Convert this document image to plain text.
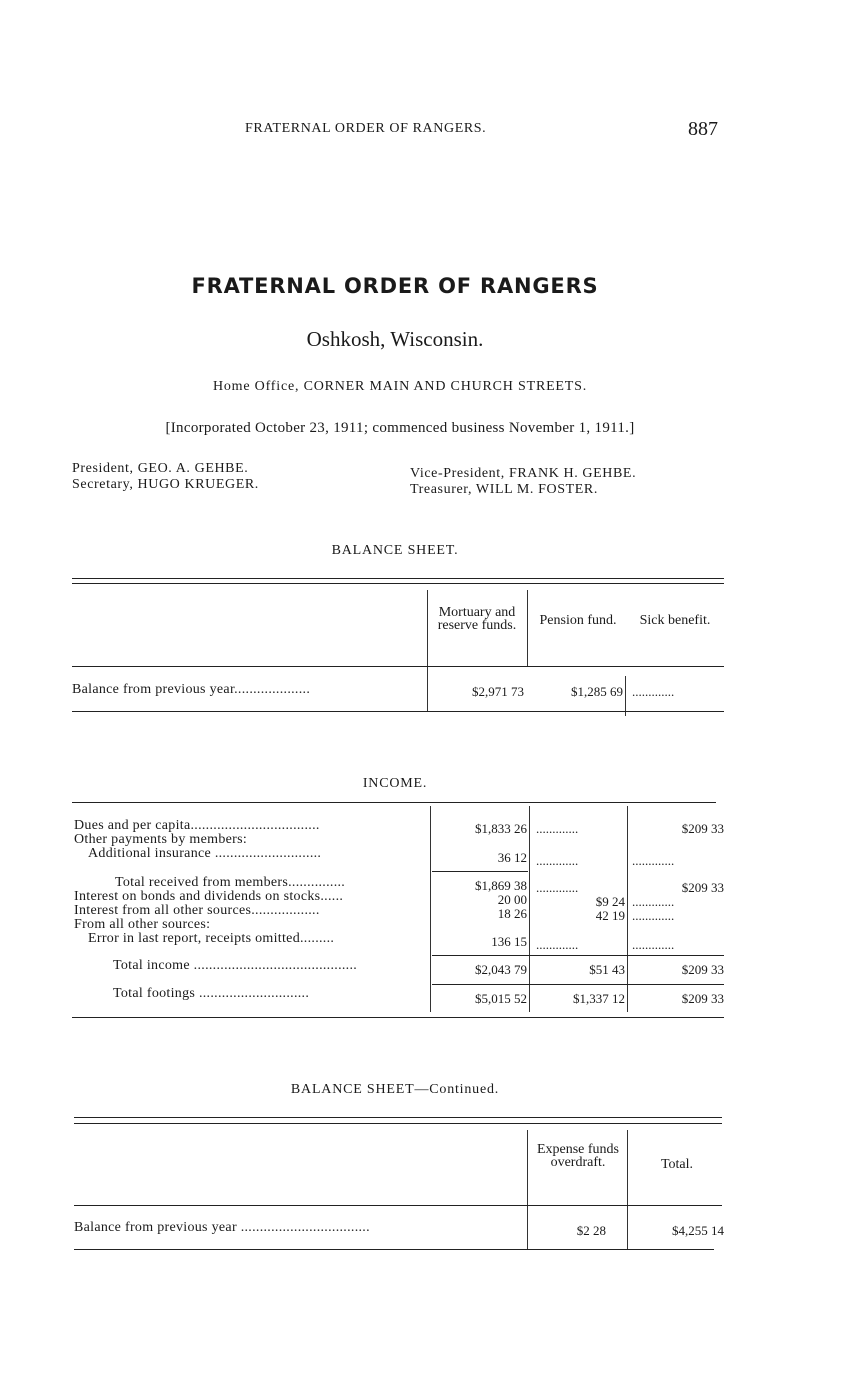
FRATERNAL ORDER OF RANGERS.	887
FRATERNAL ORDER OF RANGERS
Oshkosh, Wisconsin.
Home Office, CORNER MAIN AND CHURCH STREETS.
[Incorporated October 23, 1911; commenced business November 1, 1911.]
President, GEO. A. GEHBE.
Secretary, HUGO KRUEGER.
Vice-President, FRANK H. GEHBE.
Treasurer, WILL M. FOSTER.
BALANCE SHEET.
Mortuary and reserve funds.	Pension fund.	Sick benefit.
Balance from previous year....................	$2,971 73	$1,285 69 .............
INCOME.
Dues and per capita..................................	$1,833 26 .............	$209 33
Other payments by members:
Additional insurance ............................	36 12 .............	.............
Total received from members...............	$1,869 38 .............	$209 33
Interest on bonds and dividends on stocks......	20 00	$9 24 .............
Interest from all other sources..................	18 26	42 19 .............
From all other sources:
Error in last report, receipts omitted.........	136 15 .............	.............
Total income ...........................................	$2,043 79	$51 43	$209 33
Total footings .............................	$5,015 52	$1,337 12	$209 33
BALANCE SHEET—Continued.
Expense funds overdraft.	Total.
Balance from previous year ..................................	$2 28	$4,255 14
